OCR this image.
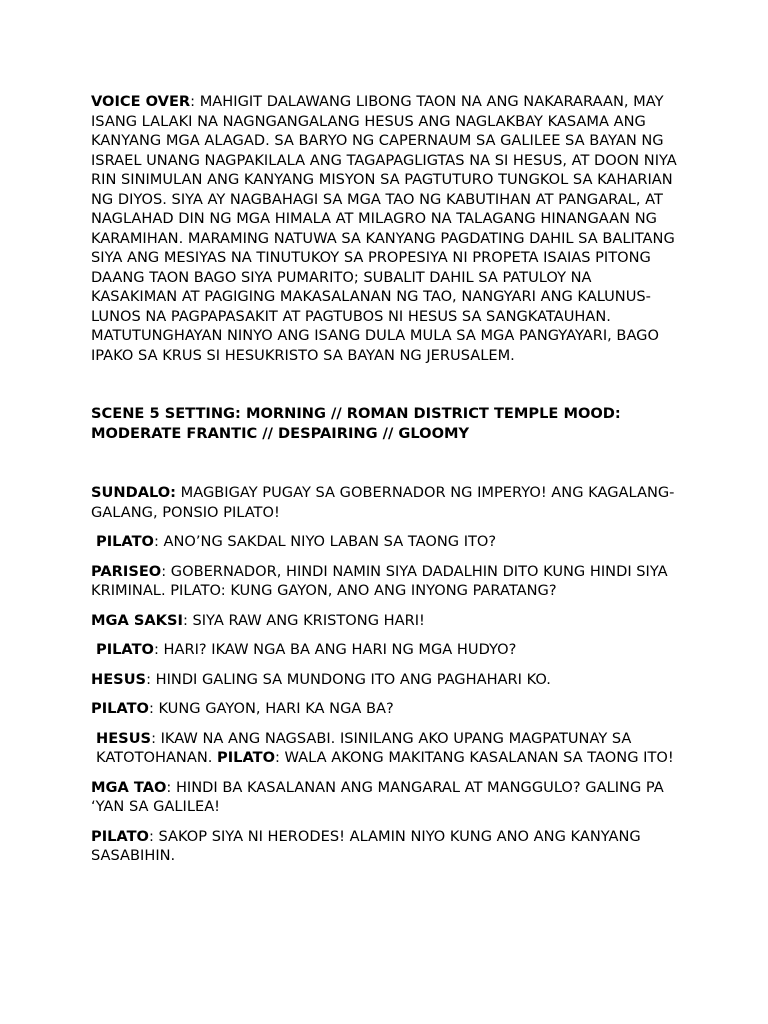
VOICE OVER: MAHIGIT DALAWANG LIBONG TAON NA ANG NAKARARAAN, MAY ISANG LALAKI NA NAGNGANGALANG HESUS ANG NAGLAKBAY KASAMA ANG KANYANG MGA ALAGAD. SA BARYO NG CAPERNAUM SA GALILEE SA BAYAN NG ISRAEL UNANG NAGPAKILALA ANG TAGAPAGLIGTAS NA SI HESUS, AT DOON NIYA RIN SINIMULAN ANG KANYANG MISYON SA PAGTUTURO TUNGKOL SA KAHARIAN NG DIYOS. SIYA AY NAGBAHAGI SA MGA TAO NG KABUTIHAN AT PANGARAL, AT NAGLAHAD DIN NG MGA HIMALA AT MILAGRO NA TALAGANG HINANGAAN NG KARAMIHAN. MARAMING NATUWA SA KANYANG PAGDATING DAHIL SA BALITANG SIYA ANG MESIYAS NA TINUTUKOY SA PROPESIYA NI PROPETA ISAIAS PITONG DAANG TAON BAGO SIYA PUMARITO; SUBALIT DAHIL SA PATULOY NA KASAKIMAN AT PAGIGING MAKASALANAN NG TAO, NANGYARI ANG KALUNUS-LUNOS NA PAGPAPASAKIT AT PAGTUBOS NI HESUS SA SANGKATAUHAN. MATUTUNGHAYAN NINYO ANG ISANG DULA MULA SA MGA PANGYAYARI, BAGO IPAKO SA KRUS SI HESUKRISTO SA BAYAN NG JERUSALEM.

SCENE 5 SETTING: MORNING // ROMAN DISTRICT TEMPLE MOOD: MODERATE FRANTIC // DESPAIRING // GLOOMY

SUNDALO: MAGBIGAY PUGAY SA GOBERNADOR NG IMPERYO! ANG KAGALANG-GALANG, PONSIO PILATO!

PILATO: ANO’NG SAKDAL NIYO LABAN SA TAONG ITO?

PARISEO: GOBERNADOR, HINDI NAMIN SIYA DADALHIN DITO KUNG HINDI SIYA KRIMINAL. PILATO: KUNG GAYON, ANO ANG INYONG PARATANG?

MGA SAKSI: SIYA RAW ANG KRISTONG HARI!

PILATO: HARI? IKAW NGA BA ANG HARI NG MGA HUDYO?

HESUS: HINDI GALING SA MUNDONG ITO ANG PAGHAHARI KO.

PILATO: KUNG GAYON, HARI KA NGA BA?

HESUS: IKAW NA ANG NAGSABI. ISINILANG AKO UPANG MAGPATUNAY SA KATOTOHANAN. PILATO: WALA AKONG MAKITANG KASALANAN SA TAONG ITO!

MGA TAO: HINDI BA KASALANAN ANG MANGARAL AT MANGGULO? GALING PA ‘YAN SA GALILEA!

PILATO: SAKOP SIYA NI HERODES! ALAMIN NIYO KUNG ANO ANG KANYANG SASABIHIN.
